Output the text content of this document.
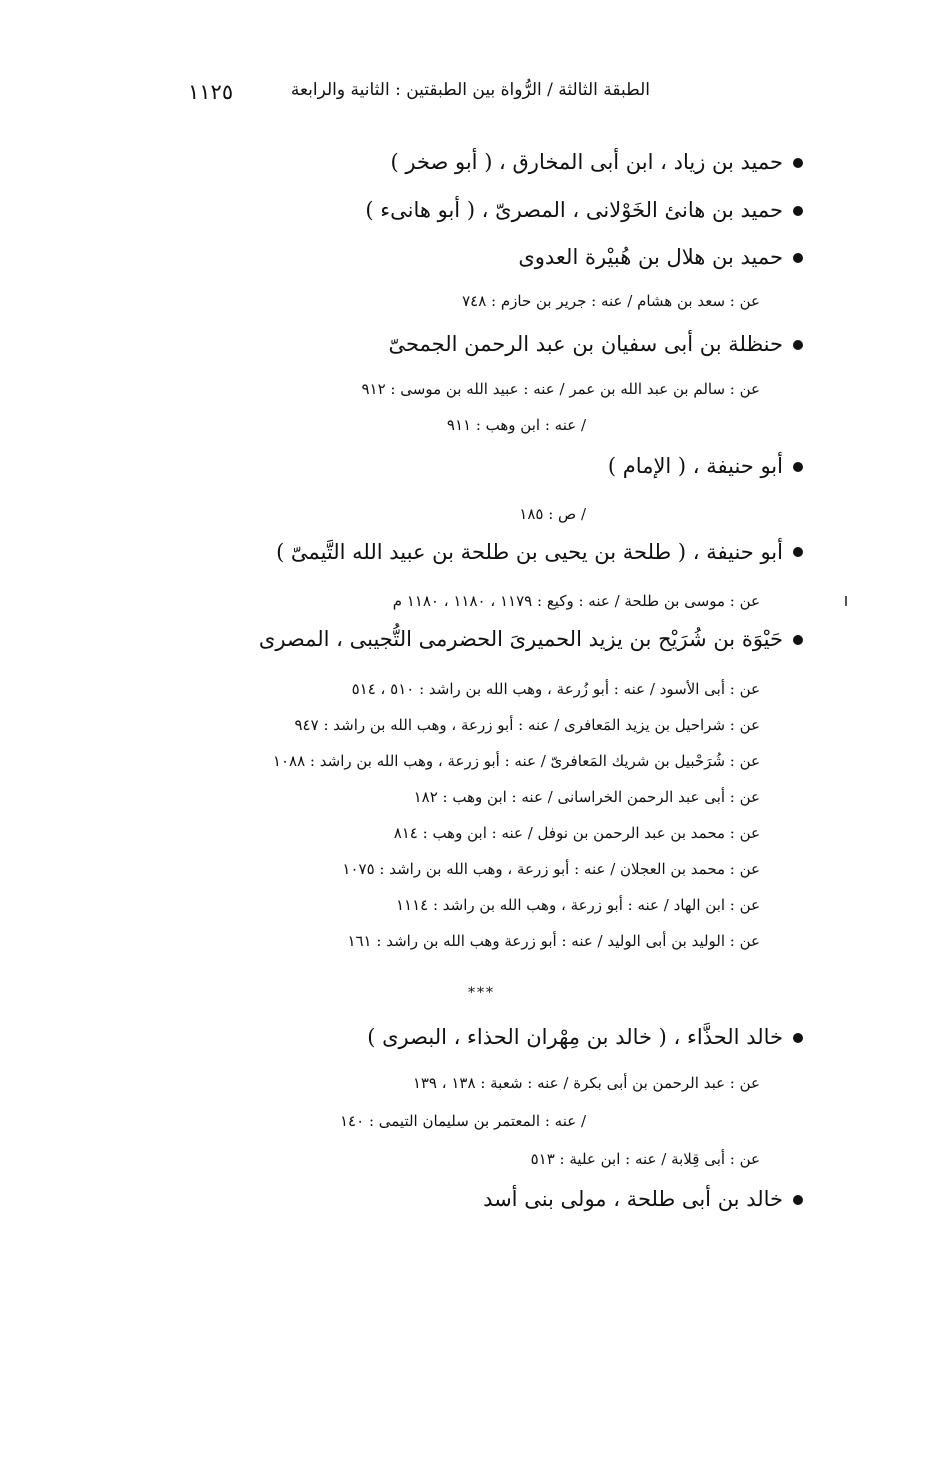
الطبقة الثالثة / الرُّواة بين الطبقتين : الثانية والرابعة
١١٢٥
حميد بن زياد ، ابن أبى المخارق ، ( أبو صخر )
حميد بن هانئ الخَوْلانى ، المصرىّ ، ( أبو هانىء )
حميد بن هلال بن هُبيْرة العدوى
عن : سعد بن هشام / عنه : جرير بن حازم : ٧٤٨
حنظلة بن أبى سفيان بن عبد الرحمن الجمحىّ
عن : سالم بن عبد الله بن عمر / عنه : عبيد الله بن موسى : ٩١٢
/ عنه : ابن وهب : ٩١١
أبو حنيفة ، ( الإمام )
/ ص : ١٨٥
أبو حنيفة ، ( طلحة بن يحيى بن طلحة بن عبيد الله التَّيمىّ )
عن : موسى بن طلحة / عنه : وكيع : ١١٧٩ ، ١١٨٠ ، ١١٨٠ م
حَيْوَة بن شُرَيْح بن يزيد الحميرىَ الحضرمى التُّجيبى ، المصرى
عن : أبى الأسود / عنه : أبو زُرعة ، وهب الله بن راشد : ٥١٠ ، ٥١٤
عن : شراحيل بن يزيد المَعافرى / عنه : أبو زرعة ، وهب الله بن راشد : ٩٤٧
عن : شُرَحْبيل بن شريك المَعافرىّ / عنه : أبو زرعة ، وهب الله بن راشد : ١٠٨٨
عن : أبى عبد الرحمن الخراسانى / عنه : ابن وهب : ١٨٢
عن : محمد بن عبد الرحمن بن نوفل / عنه : ابن وهب : ٨١٤
عن : محمد بن العجلان / عنه : أبو زرعة ، وهب الله بن راشد : ١٠٧٥
عن : ابن الهاد / عنه : أبو زرعة ، وهب الله بن راشد : ١١١٤
عن : الوليد بن أبى الوليد / عنه : أبو زرعة وهب الله بن راشد : ١٦١
***
خالد الحذَّاء ، ( خالد بن مِهْران الحذاء ، البصرى )
عن : عبد الرحمن بن أبى بكرة / عنه : شعبة : ١٣٨ ، ١٣٩
/ عنه : المعتمر بن سليمان التيمى : ١٤٠
عن : أبى قِلابة / عنه : ابن علية : ٥١٣
خالد بن أبى طلحة ، مولى بنى أسد
